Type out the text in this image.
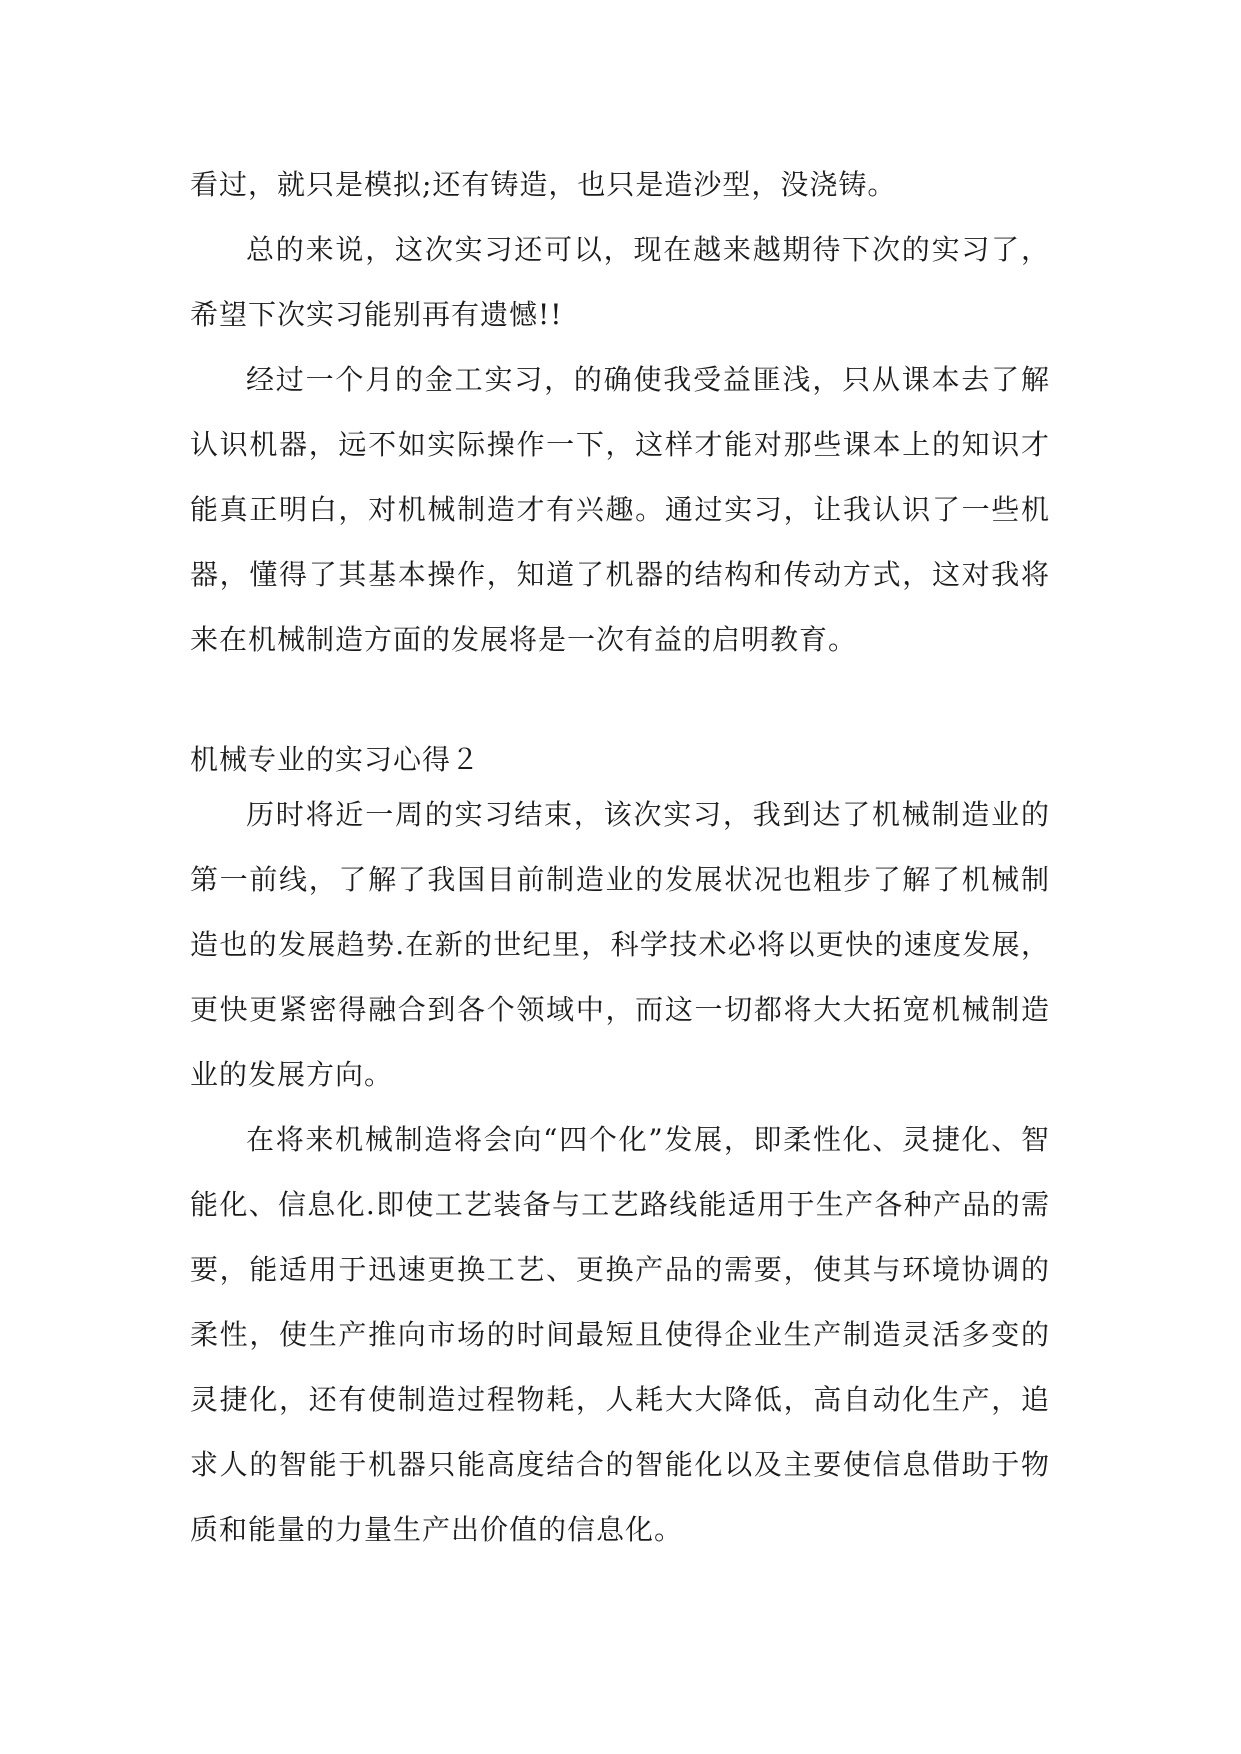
看过，就只是模拟;还有铸造，也只是造沙型，没浇铸。

总的来说，这次实习还可以，现在越来越期待下次的实习了，希望下次实习能别再有遗憾!!

经过一个月的金工实习，的确使我受益匪浅，只从课本去了解认识机器，远不如实际操作一下，这样才能对那些课本上的知识才能真正明白，对机械制造才有兴趣。通过实习，让我认识了一些机器，懂得了其基本操作，知道了机器的结构和传动方式，这对我将来在机械制造方面的发展将是一次有益的启明教育。

机械专业的实习心得２

历时将近一周的实习结束，该次实习，我到达了机械制造业的第一前线，了解了我国目前制造业的发展状况也粗步了解了机械制造也的发展趋势.在新的世纪里，科学技术必将以更快的速度发展，更快更紧密得融合到各个领域中，而这一切都将大大拓宽机械制造业的发展方向。

在将来机械制造将会向“四个化”发展，即柔性化、灵捷化、智能化、信息化.即使工艺装备与工艺路线能适用于生产各种产品的需要，能适用于迅速更换工艺、更换产品的需要，使其与环境协调的柔性，使生产推向市场的时间最短且使得企业生产制造灵活多变的灵捷化，还有使制造过程物耗，人耗大大降低，高自动化生产，追求人的智能于机器只能高度结合的智能化以及主要使信息借助于物质和能量的力量生产出价值的信息化。
